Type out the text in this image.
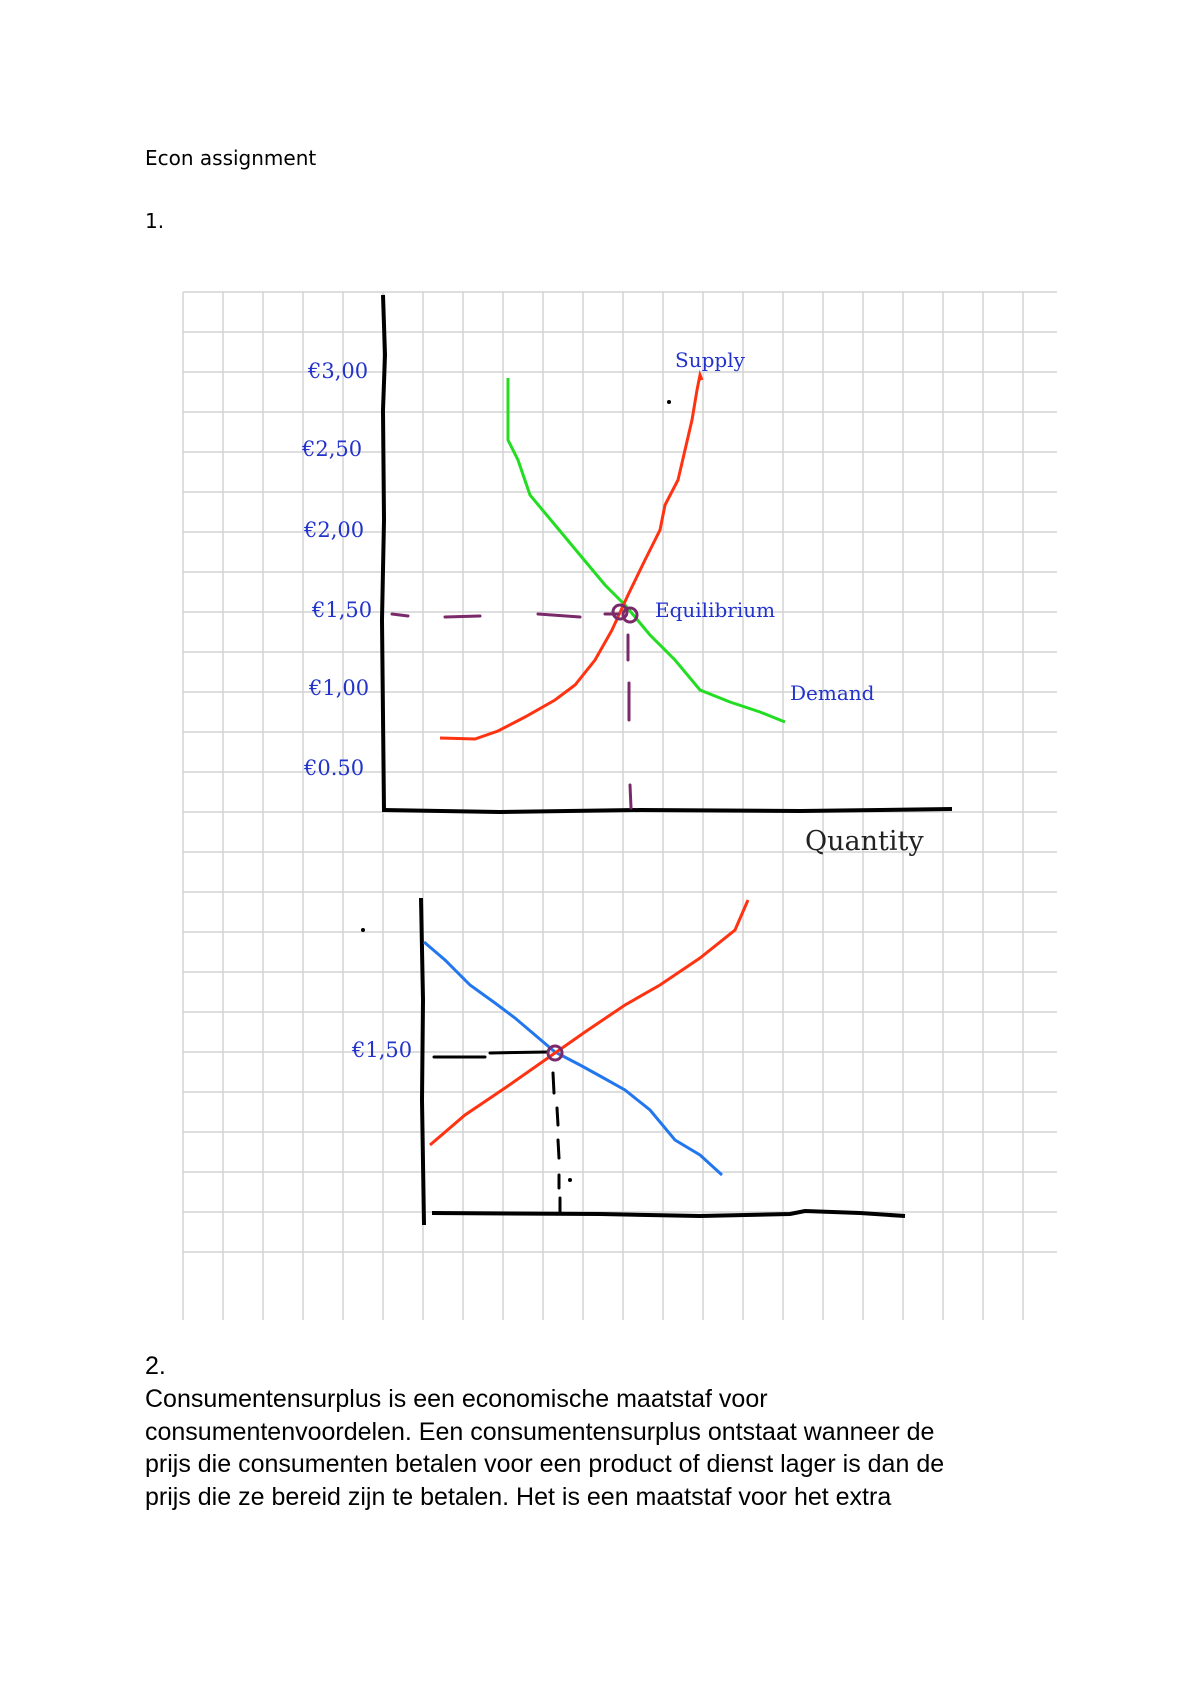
Econ assignment
1.
€3,00
€2,50
€2,00
€1,50
€1,00
€0.50
Supply
Equilibrium
Demand
Quantity
€1,50
2.
Consumentensurplus is een economische maatstaf voor
consumentenvoordelen. Een consumentensurplus ontstaat wanneer de
prijs die consumenten betalen voor een product of dienst lager is dan de
prijs die ze bereid zijn te betalen. Het is een maatstaf voor het extra
